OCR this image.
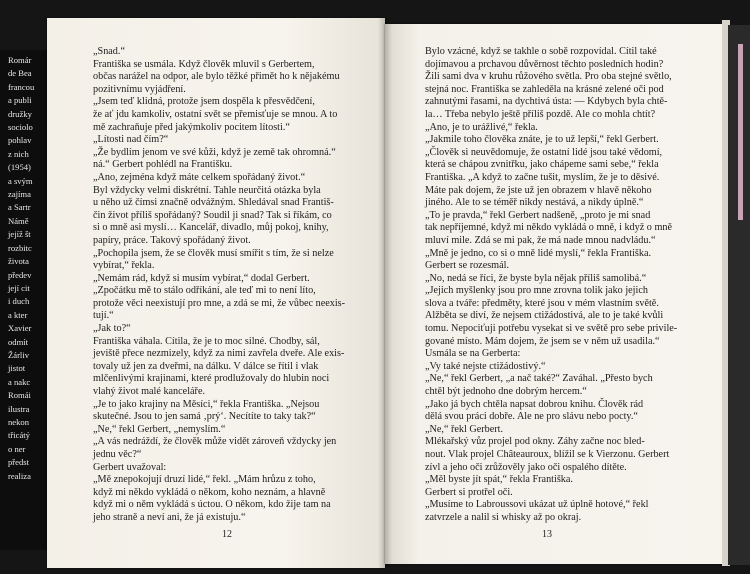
Romár
de Bea
francou
a publi
družky
sociolo
pohlav
z nich
(1954)
a svým
zajíma
a Sartr
Námě
jejíž št
rozbitc
života
předev
její cit
i duch
a kter
Xavier
odmít
Žárliv
jistot
a nakc
Romái
ilustra
nekon
třicátý
o ner
předst
realiza
„Snad.“
Františka se usmála. Když člověk mluvil s Gerbertem,
občas narážel na odpor, ale bylo těžké přimět ho k nějakému
pozitivnímu vyjádření.
„Jsem teď klidná, protože jsem dospěla k přesvědčení,
že ať jdu kamkoliv, ostatní svět se přemisťuje se mnou. A to
mě zachraňuje před jakýmkoliv pocitem lítosti.“
„Lítosti nad čím?“
„Že bydlím jenom ve své kůži, když je země tak ohromná.“
ná.“ Gerbert pohlédl na Františku.
„Ano, zejména když máte celkem spořádaný život.“
Byl vždycky velmi diskrétní. Tahle neurčitá otázka byla
u něho už čímsi značně odvážným. Shledával snad Františ-
čin život příliš spořádaný? Soudil ji snad? Tak si říkám, co
si o mně asi myslí… Kancelář, divadlo, můj pokoj, knihy,
papíry, práce. Takový spořádaný život.
„Pochopila jsem, že se člověk musí smířit s tím, že si nelze
vybírat,“ řekla.
„Nemám rád, když si musím vybírat,“ dodal Gerbert.
„Zpočátku mě to stálo odříkání, ale teď mi to není líto,
protože věci neexistují pro mne, a zdá se mi, že vůbec neexis-
tují.“
„Jak to?“
Františka váhala. Cítila, že je to moc silné. Chodby, sál,
jeviště přece nezmizely, když za nimi zavřela dveře. Ale exis-
tovaly už jen za dveřmi, na dálku. V dálce se řítil i vlak
mlčenlivými krajinami, které prodlužovaly do hlubin noci
vlahý život malé kanceláře.
„Je to jako krajiny na Měsíci,“ řekla Františka. „Nejsou
skutečné. Jsou to jen samá ‚prý‘. Necítíte to taky tak?“
„Ne,“ řekl Gerbert, „nemyslím.“
„A vás nedráždí, že člověk může vidět zároveň vždycky jen
jednu věc?“
Gerbert uvažoval:
„Mě znepokojují druzí lidé,“ řekl. „Mám hrůzu z toho,
když mi někdo vykládá o někom, koho neznám, a hlavně
když mi o něm vykládá s úctou. O někom, kdo žije tam na
jeho straně a neví ani, že já existuju.“
Bylo vzácné, když se takhle o sobě rozpovídal. Cítil také
dojímavou a prchavou důvěrnost těchto posledních hodin?
Žili sami dva v kruhu růžového světla. Pro oba stejné světlo,
stejná noc. Františka se zahleděla na krásné zelené oči pod
zahnutými řasami, na dychtivá ústa: — Kdybych byla chtě-
la… Třeba nebylo ještě příliš pozdě. Ale co mohla chtít?
„Ano, je to urážlivé,“ řekla.
„Jakmile toho člověka znáte, je to už lepší,“ řekl Gerbert.
„Člověk si neuvědomuje, že ostatní lidé jsou také vědomí,
která se chápou zvnitřku, jako chápeme sami sebe,“ řekla
Františka. „A když to začne tušit, myslím, že je to děsivé.
Máte pak dojem, že jste už jen obrazem v hlavě někoho
jiného. Ale to se téměř nikdy nestává, a nikdy úplně.“
„To je pravda,“ řekl Gerbert nadšeně, „proto je mi snad
tak nepříjemné, když mi někdo vykládá o mně, i když o mně
mluví mile. Zdá se mi pak, že má nade mnou nadvládu.“
„Mně je jedno, co si o mně lidé myslí,“ řekla Františka.
Gerbert se rozesmál.
„No, nedá se říci, že byste byla nějak příliš samolibá.“
„Jejich myšlenky jsou pro mne zrovna tolik jako jejich
slova a tváře: předměty, které jsou v mém vlastním světě.
Alžběta se diví, že nejsem ctižádostivá, ale to je také kvůli
tomu. Nepociťuji potřebu vysekat si ve světě pro sebe privile-
gované místo. Mám dojem, že jsem se v něm už usadila.“
Usmála se na Gerberta:
„Vy také nejste ctižádostivý.“
„Ne,“ řekl Gerbert, „a nač také?“ Zaváhal. „Přesto bych
chtěl být jednoho dne dobrým hercem.“
„Jako já bych chtěla napsat dobrou knihu. Člověk rád
dělá svou práci dobře. Ale ne pro slávu nebo pocty.“
„Ne,“ řekl Gerbert.
Mlékařský vůz projel pod okny. Záhy začne noc bled-
nout. Vlak projel Châteauroux, blížil se k Vierzonu. Gerbert
zívl a jeho oči zrůžověly jako oči ospalého dítěte.
„Měl byste jít spát,“ řekla Františka.
Gerbert si protřel oči.
„Musíme to Labroussovi ukázat už úplně hotové,“ řekl
zatvrzele a nalil si whisky až po okraj.
12	13
